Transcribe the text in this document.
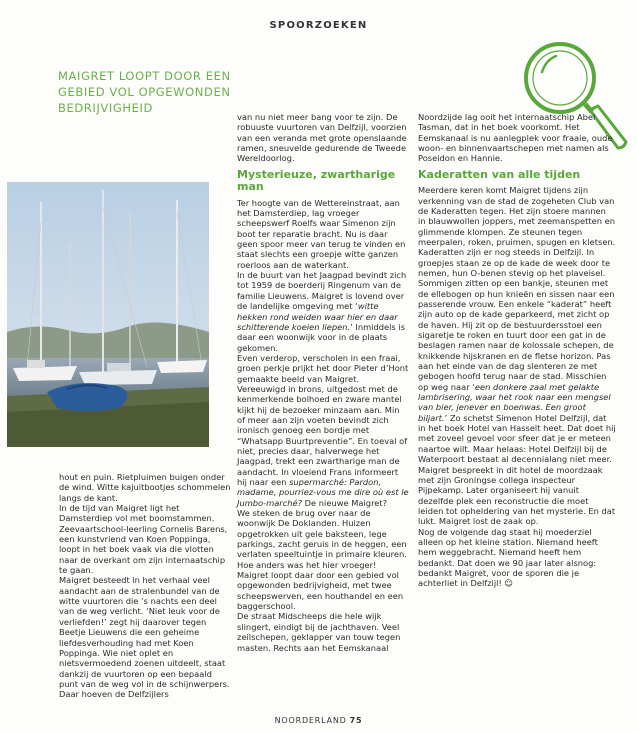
SPOORZOEKEN
MAIGRET LOOPT DOOR EEN GEBIED VOL OPGEWONDEN BEDRIJVIGHEID

hout en puin. Rietpluimen buigen onder de wind. Witte kajuitbootjes schommelen langs de kant.

In de tijd van Maigret ligt het Damsterdiep vol met boomstammen. Zeevaartschool-leerling Cornelis Barens, een kunstvriend van Koen Poppinga, loopt in het boek vaak via die vlotten naar de overkant om zijn internaatschip te gaan.

Maigret besteedt in het verhaal veel aandacht aan de stralenbundel van de witte vuurtoren die ’s nachts een deel van de weg verlicht. ‘Niet leuk voor de verliefden!’ zegt hij daarover tegen Beetje Lieuwens die een geheime liefdesverhouding had met Koen Poppinga. Wie niet oplet en nietsvermoedend zoenen uitdeelt, staat dankzij de vuurtoren op een bepaald punt van de weg vol in de schijnwerpers. Daar hoeven de Delfzijlers

van nu niet meer bang voor te zijn. De robuuste vuurtoren van Delfzijl, voorzien van een veranda met grote openslaande ramen, sneuvelde gedurende de Tweede Wereldoorlog.

Mysterieuze, zwartharige man

Ter hoogte van de Wettereinstraat, aan het Damsterdiep, lag vroeger scheepswerf Roelfs waar Simenon zijn boot ter reparatie bracht. Nu is daar geen spoor meer van terug te vinden en staat slechts een groepje witte ganzen roerloos aan de waterkant.

In de buurt van het Jaagpad bevindt zich tot 1959 de boerderij Ringenum van de familie Lieuwens. Maigret is lovend over de landelijke omgeving met ‘witte hekken rond weiden waar hier en daar schitterende koeien liepen.’ Inmiddels is daar een woonwijk voor in de plaats gekomen.

Even verderop, verscholen in een fraai, groen perkje prijkt het door Pieter d’Hont gemaakte beeld van Maigret. Vereeuwigd in brons, uitgedost met de kenmerkende bolhoed en zware mantel kijkt hij de bezoeker minzaam aan. Min of meer aan zijn voeten bevindt zich ironisch genoeg een bordje met “Whatsapp Buurtpreventie”. En toeval of niet, precies daar, halverwege het Jaagpad, trekt een zwartharige man de aandacht. In vloeiend Frans informeert hij naar een supermarché: Pardon, madame, pourriez-vous me dire où est le Jumbo-marché? De nieuwe Maigret?

We steken de brug over naar de woonwijk De Doklanden. Huizen opgetrokken uit gele baksteen, lege parkings, zacht geruis in de heggen, een verlaten speeltuintje in primaire kleuren. Hoe anders was het hier vroeger! Maigret loopt daar door een gebied vol opgewonden bedrijvigheid, met twee scheepswerven, een houthandel en een baggerschool.

De straat Midscheeps die hele wijk slingert, eindigt bij de jachthaven. Veel zeilschepen, geklapper van touw tegen masten. Rechts aan het Eemskanaal

Noordzijde lag ooit het internaatschip Abel Tasman, dat in het boek voorkomt. Het Eemskanaal is nu aanlegplek voor fraaie, oude woon- en binnenvaartschepen met namen als Poseidon en Hannie.

Kaderatten van alle tijden

Meerdere keren komt Maigret tijdens zijn verkenning van de stad de zogeheten Club van de Kaderatten tegen. Het zijn stoere mannen in blauwwollen joppers, met zeemanspetten en glimmende klompen. Ze steunen tegen meerpalen, roken, pruimen, spugen en kletsen.

Kaderatten zijn er nog steeds in Delfzijl. In groepjes staan ze op de kade de week door te nemen, hun O-benen stevig op het plaveisel. Sommigen zitten op een bankje, steunen met de ellebogen op hun knieën en sissen naar een passerende vrouw. Een enkele “kaderat” heeft zijn auto op de kade geparkeerd, met zicht op de haven. Hij zit op de bestuurdersstoel een sigaretje te roken en tuurt door een gat in de beslagen ramen naar de kolossale schepen, de knikkende hijskranen en de fletse horizon. Pas aan het einde van de dag slenteren ze met gebogen hoofd terug naar de stad. Misschien op weg naar ‘een donkere zaal met gelakte lambrisering, waar het rook naar een mengsel van bier, jenever en boenwas. Een groot biljart.’ Zo schetst Simenon Hotel Delfzijl, dat in het boek Hotel van Hasselt heet. Dat doet hij met zoveel gevoel voor sfeer dat je er meteen naartoe wilt. Maar helaas: Hotel Delfzijl bij de Waterpoort bestaat al decennialang niet meer.

Maigret bespreekt in dit hotel de moordzaak met zijn Groningse collega inspecteur Pijpekamp. Later organiseert hij vanuit dezelfde plek een reconstructie die moet leiden tot opheldering van het mysterie. En dat lukt. Maigret lost de zaak op.

Nog de volgende dag staat hij moederziel alleen op het kleine station. Niemand heeft hem weggebracht. Niemand heeft hem bedankt. Dat doen we 90 jaar later alsnog: bedankt Maigret, voor de sporen die je achterliet in Delfzijl! ☺

NOORDERLAND 75
